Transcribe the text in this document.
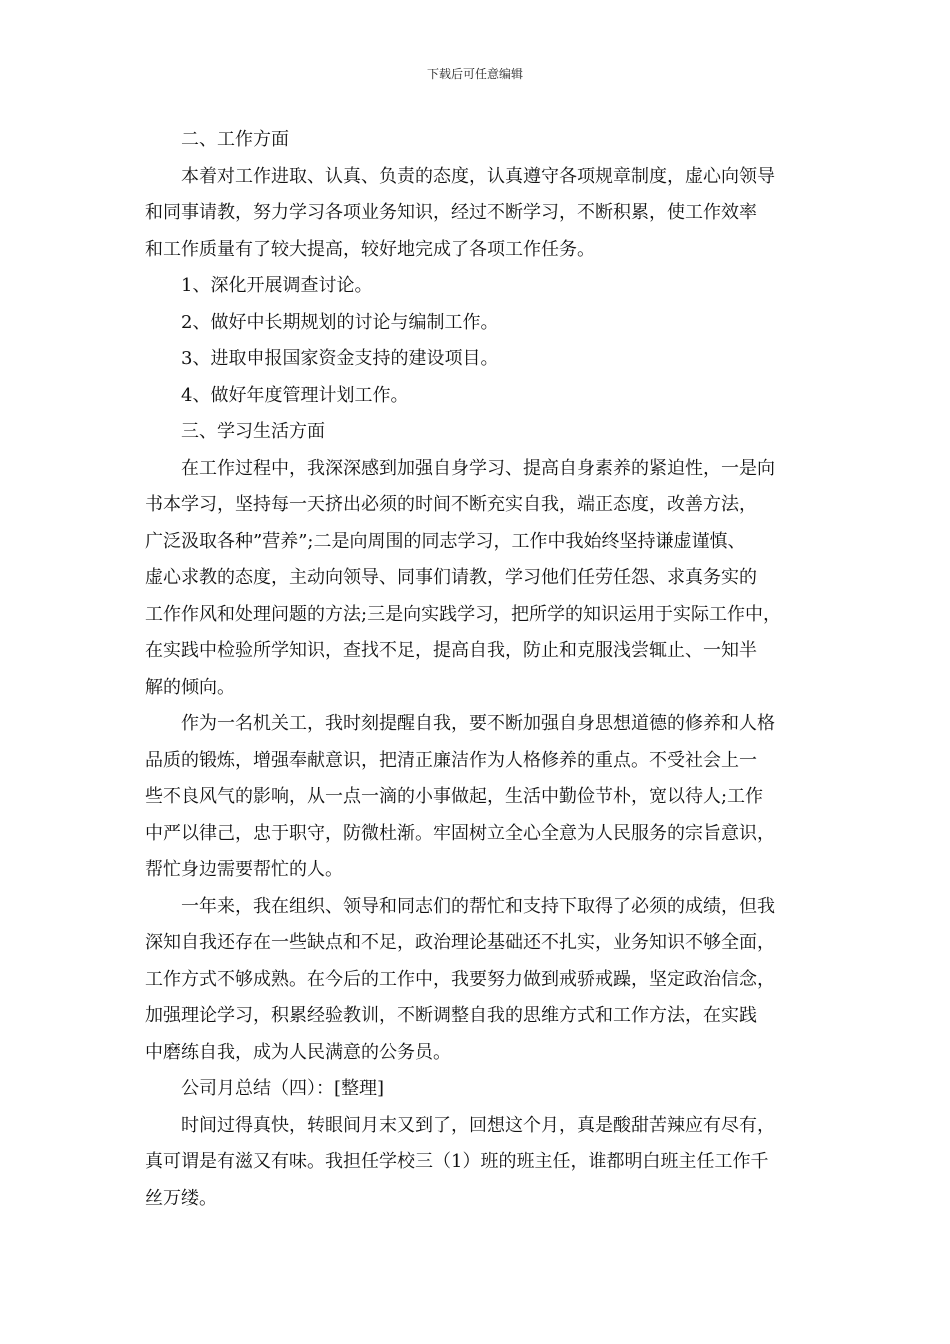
下载后可任意编辑
二、工作方面
本着对工作进取、认真、负责的态度，认真遵守各项规章制度，虚心向领导
和同事请教，努力学习各项业务知识，经过不断学习，不断积累，使工作效率
和工作质量有了较大提高，较好地完成了各项工作任务。
1、深化开展调查讨论。
2、做好中长期规划的讨论与编制工作。
3、进取申报国家资金支持的建设项目。
4、做好年度管理计划工作。
三、学习生活方面
在工作过程中，我深深感到加强自身学习、提高自身素养的紧迫性，一是向
书本学习，坚持每一天挤出必须的时间不断充实自我，端正态度，改善方法，
广泛汲取各种”营养”;二是向周围的同志学习，工作中我始终坚持谦虚谨慎、
虚心求教的态度，主动向领导、同事们请教，学习他们任劳任怨、求真务实的
工作作风和处理问题的方法;三是向实践学习，把所学的知识运用于实际工作中，
在实践中检验所学知识，查找不足，提高自我，防止和克服浅尝辄止、一知半
解的倾向。
作为一名机关工，我时刻提醒自我，要不断加强自身思想道德的修养和人格
品质的锻炼，增强奉献意识，把清正廉洁作为人格修养的重点。不受社会上一
些不良风气的影响，从一点一滴的小事做起，生活中勤俭节朴，宽以待人;工作
中严以律己，忠于职守，防微杜渐。牢固树立全心全意为人民服务的宗旨意识，
帮忙身边需要帮忙的人。
一年来，我在组织、领导和同志们的帮忙和支持下取得了必须的成绩，但我
深知自我还存在一些缺点和不足，政治理论基础还不扎实，业务知识不够全面，
工作方式不够成熟。在今后的工作中，我要努力做到戒骄戒躁，坚定政治信念，
加强理论学习，积累经验教训，不断调整自我的思维方式和工作方法，在实践
中磨练自我，成为人民满意的公务员。
公司月总结（四）：[整理]
时间过得真快，转眼间月末又到了，回想这个月，真是酸甜苦辣应有尽有，
真可谓是有滋又有味。我担任学校三（1）班的班主任，谁都明白班主任工作千
丝万缕。
